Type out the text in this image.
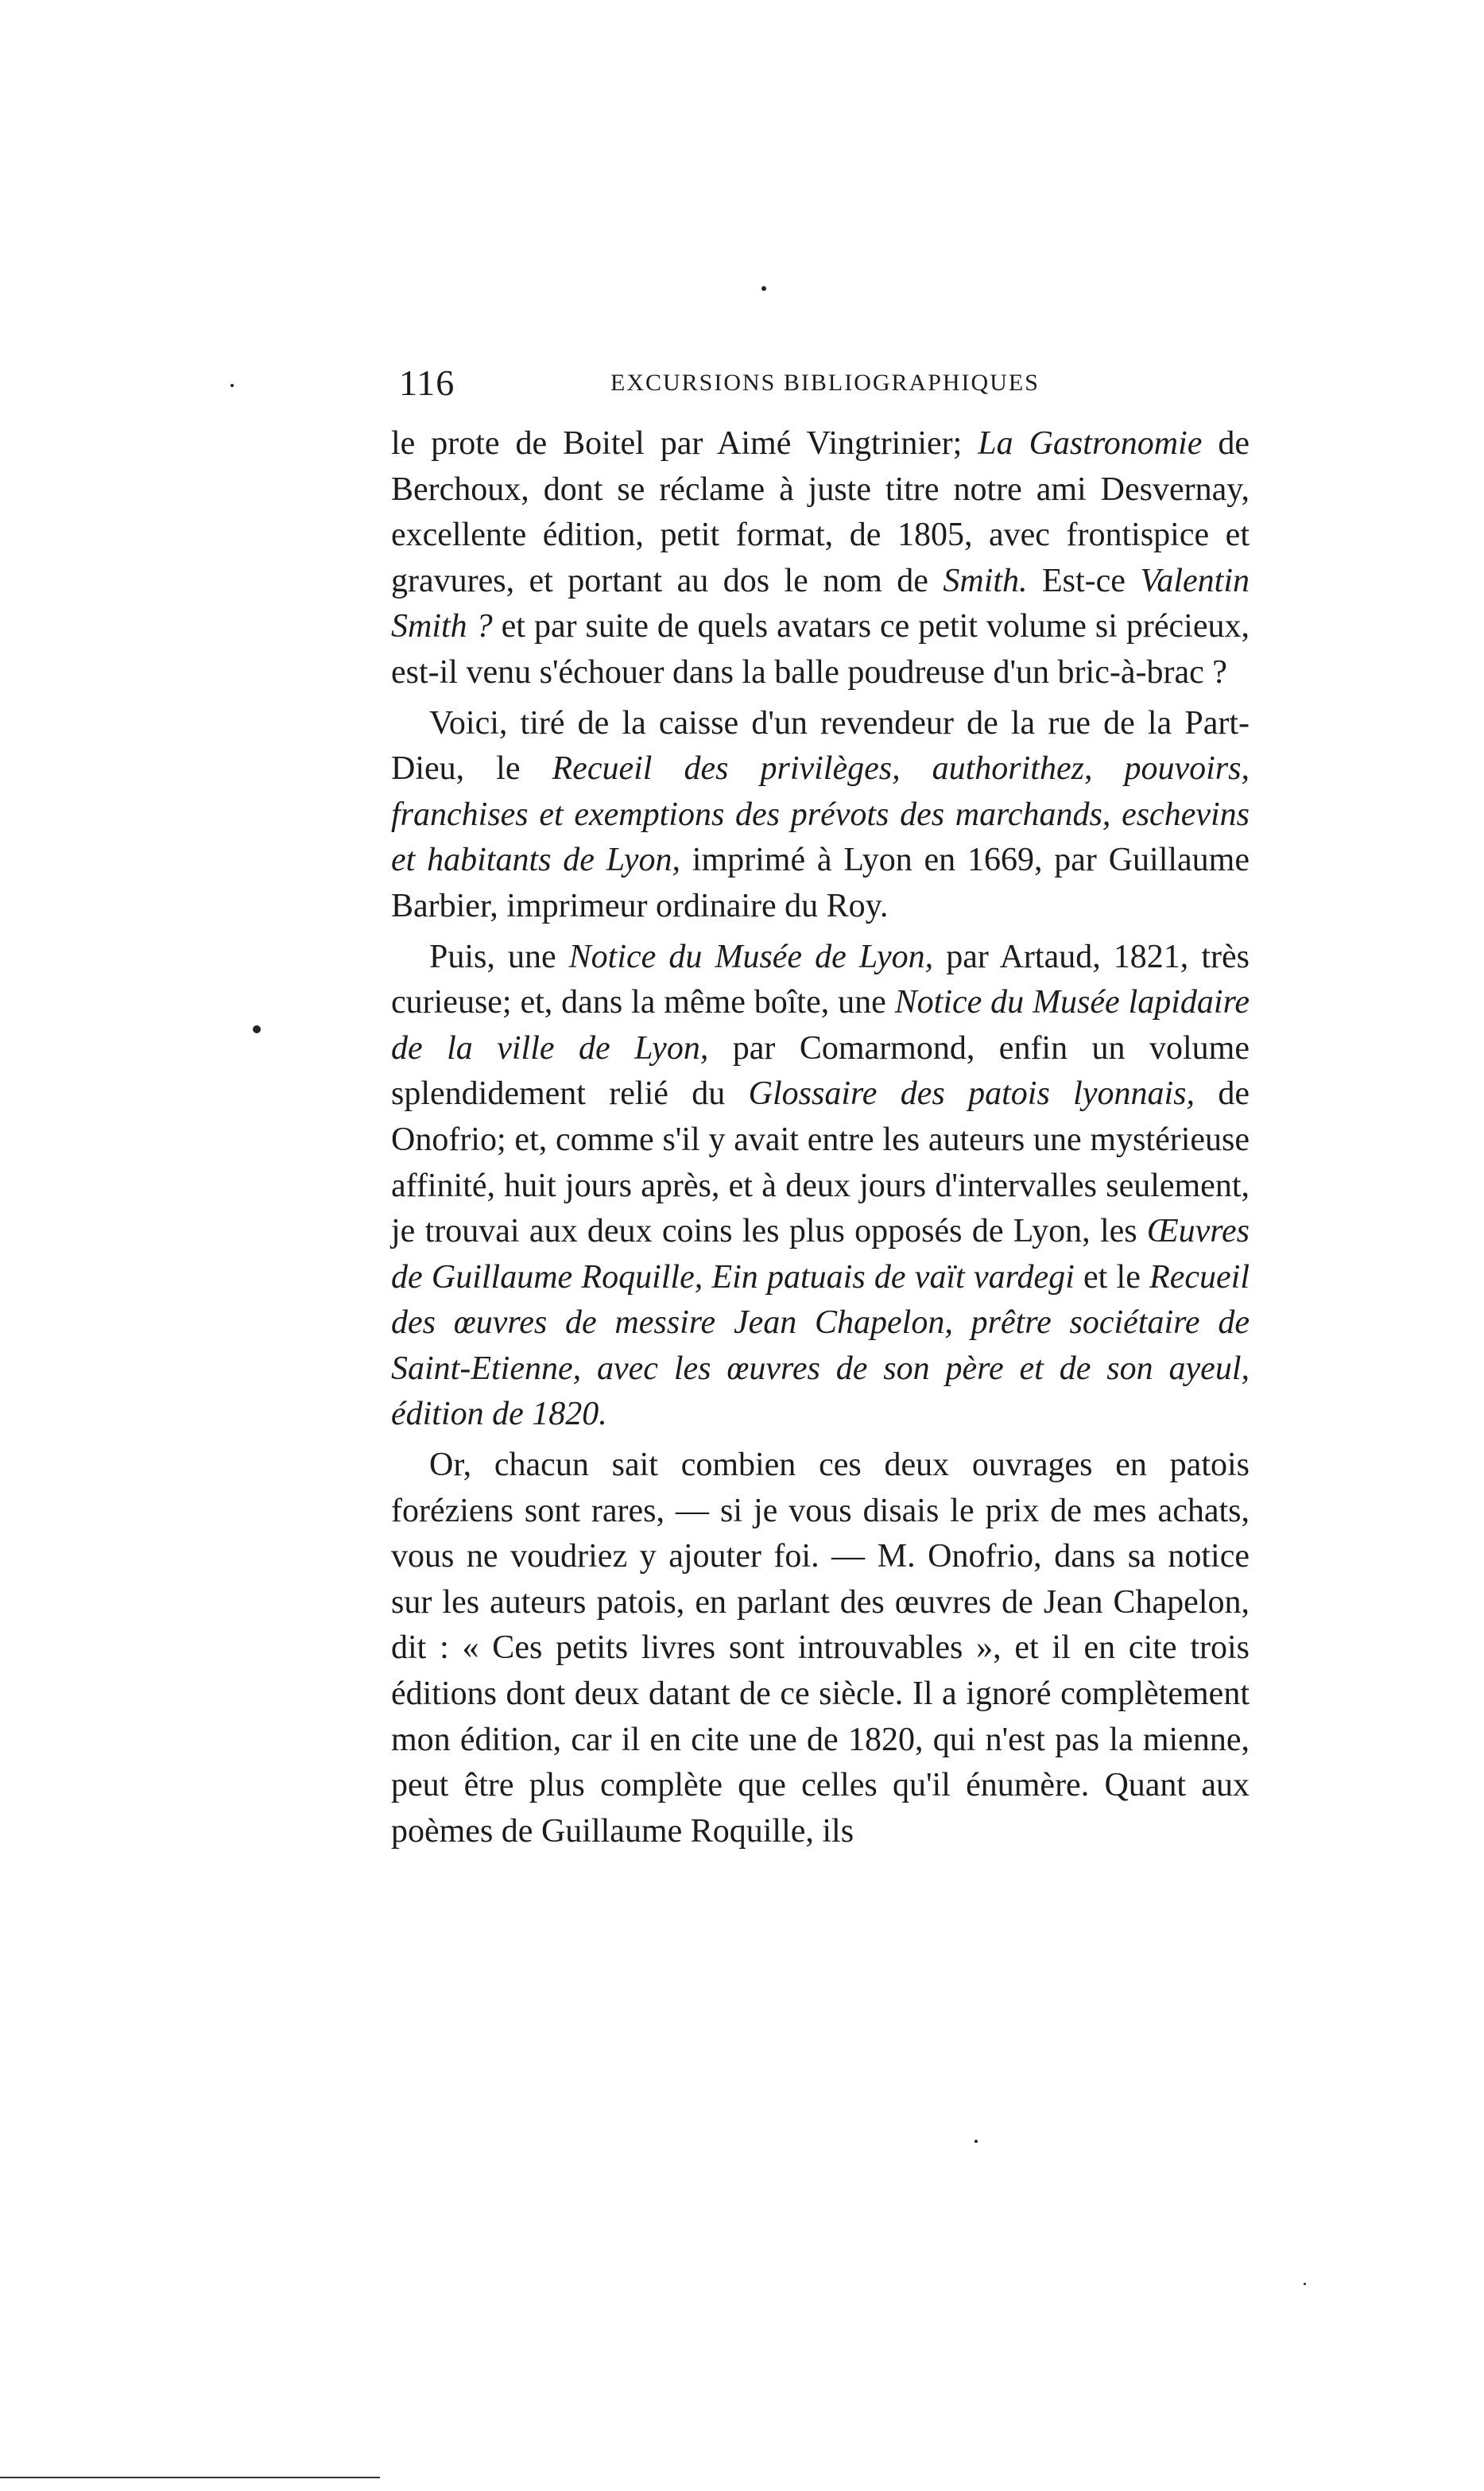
116	EXCURSIONS BIBLIOGRAPHIQUES

le prote de Boitel par Aimé Vingtrinier; La Gastronomie de Berchoux, dont se réclame à juste titre notre ami Desvernay, excellente édition, petit format, de 1805, avec frontispice et gravures, et portant au dos le nom de Smith. Est-ce Valentin Smith ? et par suite de quels avatars ce petit volume si précieux, est-il venu s'échouer dans la balle poudreuse d'un bric-à-brac ?

Voici, tiré de la caisse d'un revendeur de la rue de la Part-Dieu, le Recueil des privilèges, authorithez, pouvoirs, franchises et exemptions des prévots des marchands, eschevins et habitants de Lyon, imprimé à Lyon en 1669, par Guillaume Barbier, imprimeur ordinaire du Roy.

Puis, une Notice du Musée de Lyon, par Artaud, 1821, très curieuse; et, dans la même boîte, une Notice du Musée lapidaire de la ville de Lyon, par Comarmond, enfin un volume splendidement relié du Glossaire des patois lyonnais, de Onofrio; et, comme s'il y avait entre les auteurs une mystérieuse affinité, huit jours après, et à deux jours d'intervalles seulement, je trouvai aux deux coins les plus opposés de Lyon, les Œuvres de Guillaume Roquille, Ein patuais de vaït vardegi et le Recueil des œuvres de messire Jean Chapelon, prêtre sociétaire de Saint-Etienne, avec les œuvres de son père et de son ayeul, édition de 1820.

Or, chacun sait combien ces deux ouvrages en patois foréziens sont rares, — si je vous disais le prix de mes achats, vous ne voudriez y ajouter foi. — M. Onofrio, dans sa notice sur les auteurs patois, en parlant des œuvres de Jean Chapelon, dit : « Ces petits livres sont introuvables », et il en cite trois éditions dont deux datant de ce siècle. Il a ignoré complètement mon édition, car il en cite une de 1820, qui n'est pas la mienne, peut être plus complète que celles qu'il énumère. Quant aux poèmes de Guillaume Roquille, ils
